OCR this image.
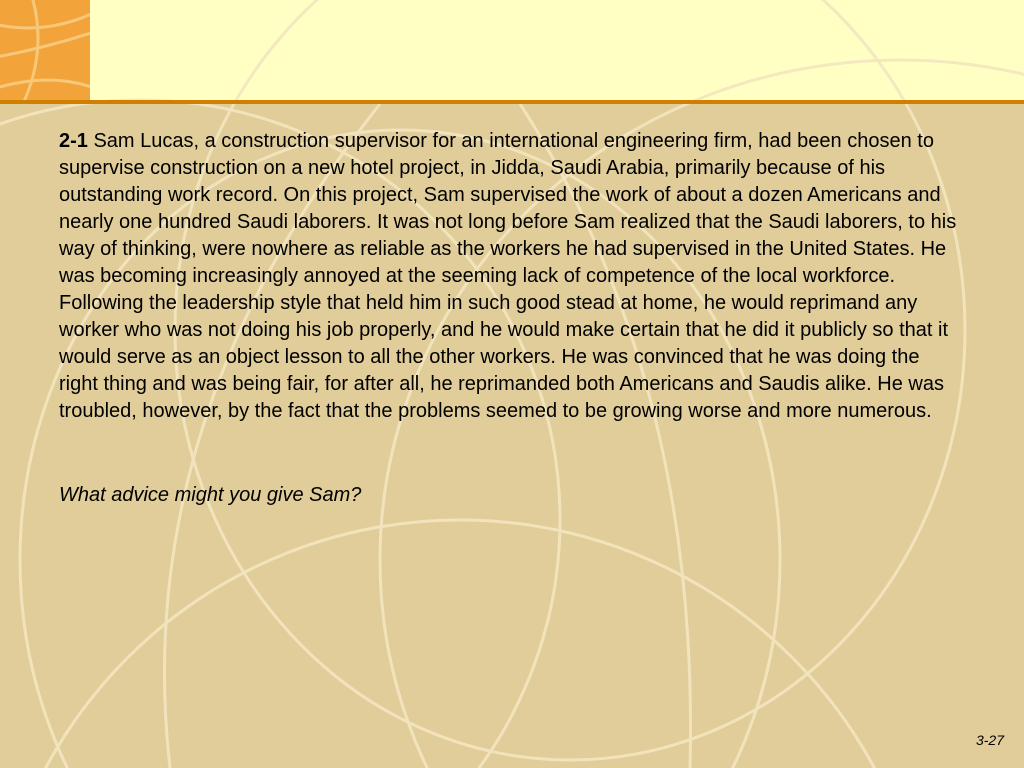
2-1 Sam Lucas, a construction supervisor for an international engineering firm, had been chosen to supervise construction on a new hotel project, in Jidda, Saudi Arabia, primarily because of his outstanding work record. On this project, Sam supervised the work of about a dozen Americans and nearly one hundred Saudi laborers. It was not long before Sam realized that the Saudi laborers, to his way of thinking, were nowhere as reliable as the workers he had supervised in the United States. He was becoming increasingly annoyed at the seeming lack of competence of the local workforce. Following the leadership style that held him in such good stead at home, he would reprimand any worker who was not doing his job properly, and he would make certain that he did it publicly so that it would serve as an object lesson to all the other workers. He was convinced that he was doing the right thing and was being fair, for after all, he reprimanded both Americans and Saudis alike. He was troubled, however, by the fact that the problems seemed to be growing worse and more numerous.

What advice might you give Sam?

3-27
